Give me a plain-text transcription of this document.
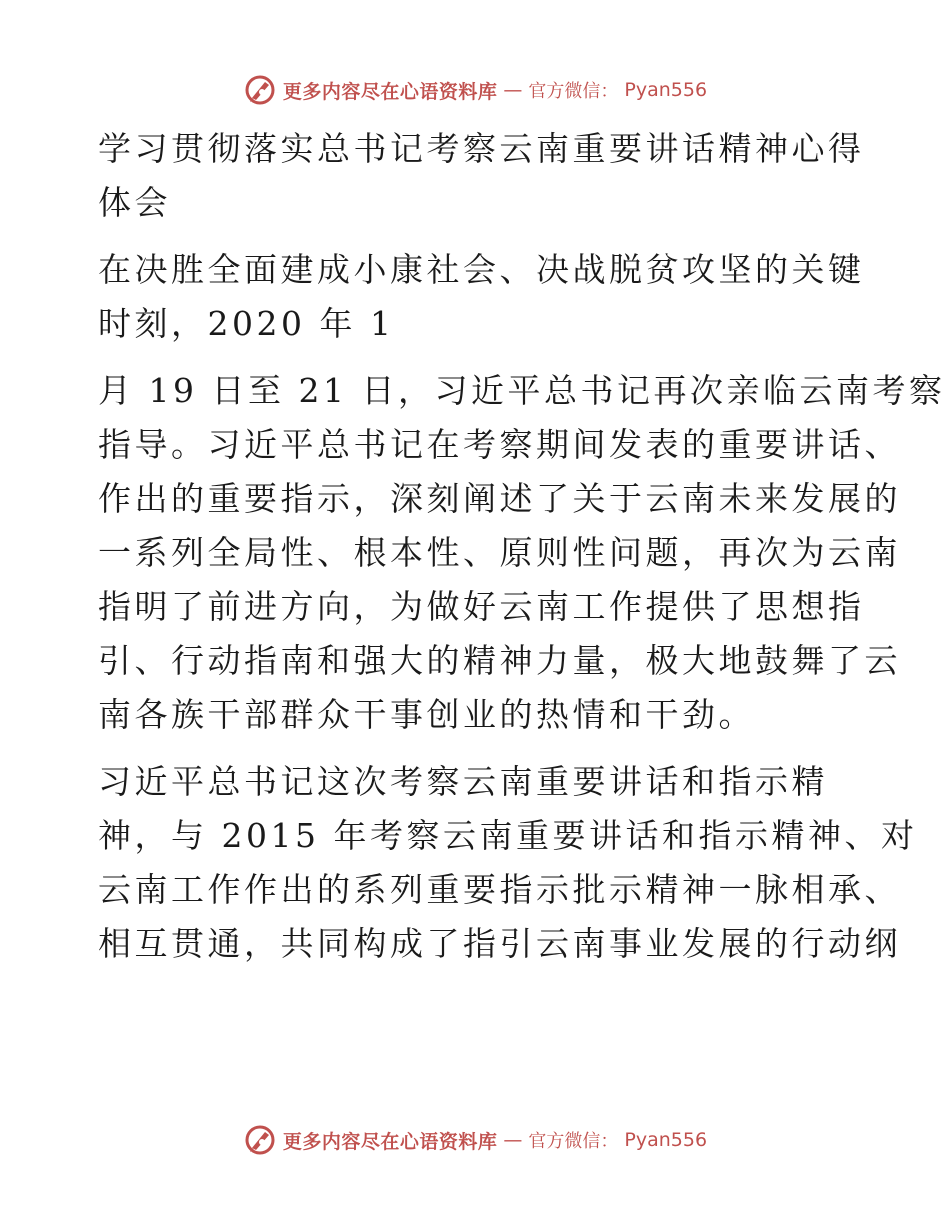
更多内容尽在心语资料库 — 官方微信： Pyan556
学习贯彻落实总书记考察云南重要讲话精神心得
体会
在决胜全面建成小康社会、决战脱贫攻坚的关键
时刻，2020 年 1
月 19 日至 21 日，习近平总书记再次亲临云南考察
指导。习近平总书记在考察期间发表的重要讲话、
作出的重要指示，深刻阐述了关于云南未来发展的
一系列全局性、根本性、原则性问题，再次为云南
指明了前进方向，为做好云南工作提供了思想指
引、行动指南和强大的精神力量，极大地鼓舞了云
南各族干部群众干事创业的热情和干劲。
习近平总书记这次考察云南重要讲话和指示精
神，与 2015 年考察云南重要讲话和指示精神、对
云南工作作出的系列重要指示批示精神一脉相承、
相互贯通，共同构成了指引云南事业发展的行动纲
更多内容尽在心语资料库 — 官方微信： Pyan556
